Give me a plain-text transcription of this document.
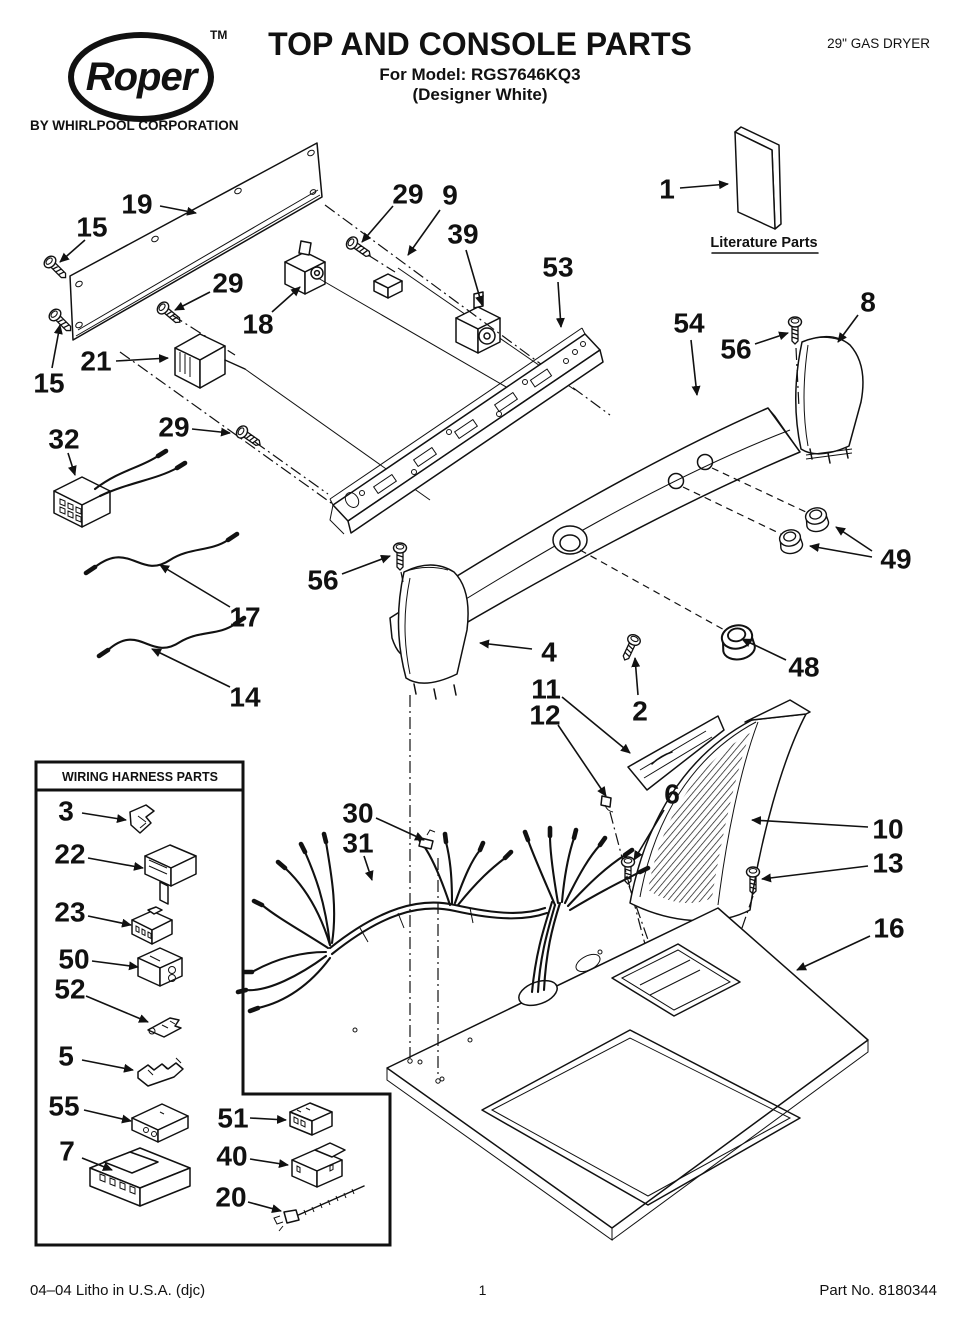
Roper
TM
BY WHIRLPOOL CORPORATION
TOP AND CONSOLE PARTS
For Model: RGS7646KQ3
(Designer White)
29" GAS DRYER
Literature Parts
WIRING HARNESS PARTS
19
15
15
29
18
21
29 9
39
53
54
56
8
1
32	29
17
14
56
4
49
48
2
11
12
6
10
13
16
30
31
3
22
23
50
52
5
55
7
51
40
20
04–04 Litho in U.S.A. (djc)	1	Part No. 8180344
